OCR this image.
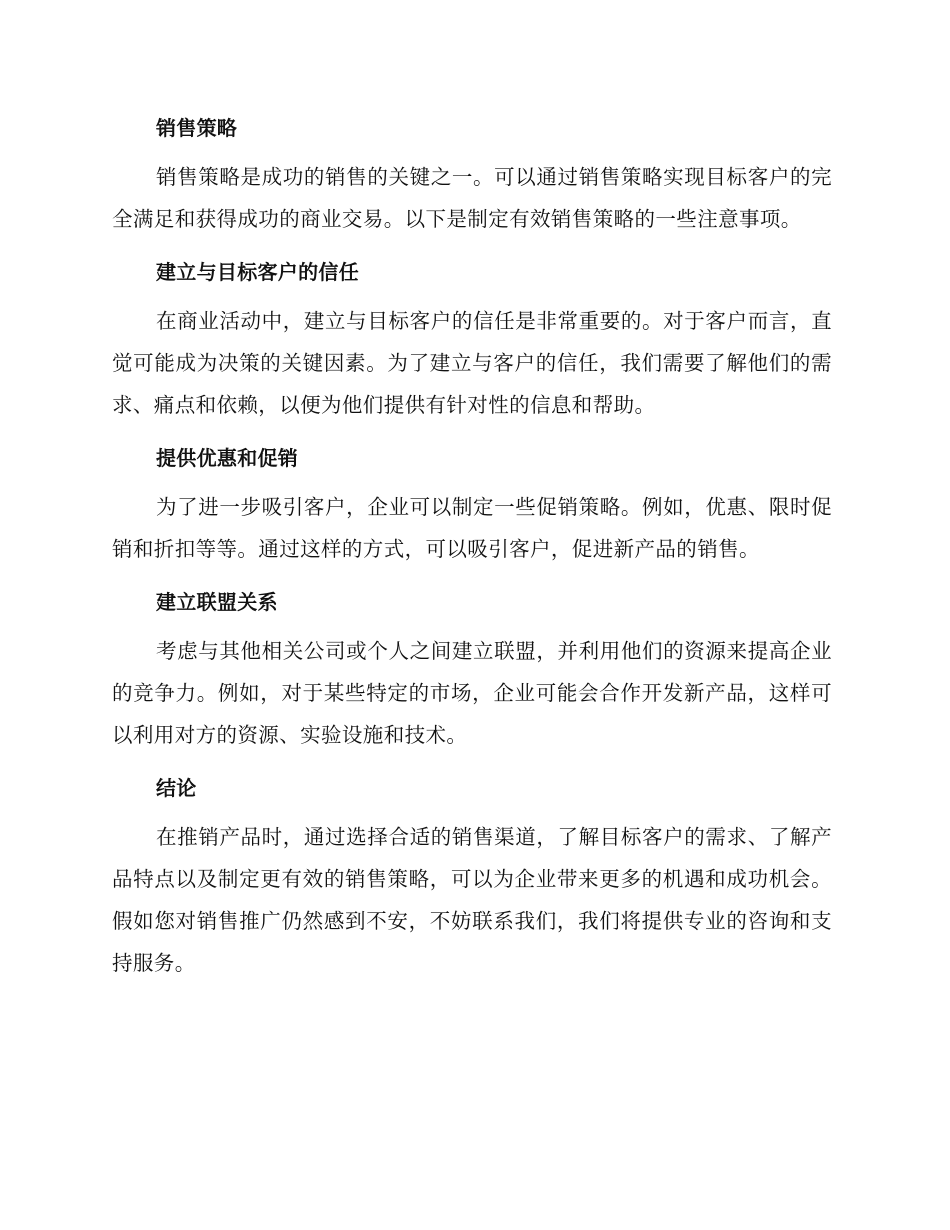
销售策略

销售策略是成功的销售的关键之一。可以通过销售策略实现目标客户的完全满足和获得成功的商业交易。以下是制定有效销售策略的一些注意事项。

建立与目标客户的信任

在商业活动中，建立与目标客户的信任是非常重要的。对于客户而言，直觉可能成为决策的关键因素。为了建立与客户的信任，我们需要了解他们的需求、痛点和依赖，以便为他们提供有针对性的信息和帮助。

提供优惠和促销

为了进一步吸引客户，企业可以制定一些促销策略。例如，优惠、限时促销和折扣等等。通过这样的方式，可以吸引客户，促进新产品的销售。

建立联盟关系

考虑与其他相关公司或个人之间建立联盟，并利用他们的资源来提高企业的竞争力。例如，对于某些特定的市场，企业可能会合作开发新产品，这样可以利用对方的资源、实验设施和技术。

结论

在推销产品时，通过选择合适的销售渠道，了解目标客户的需求、了解产品特点以及制定更有效的销售策略，可以为企业带来更多的机遇和成功机会。假如您对销售推广仍然感到不安，不妨联系我们，我们将提供专业的咨询和支持服务。
